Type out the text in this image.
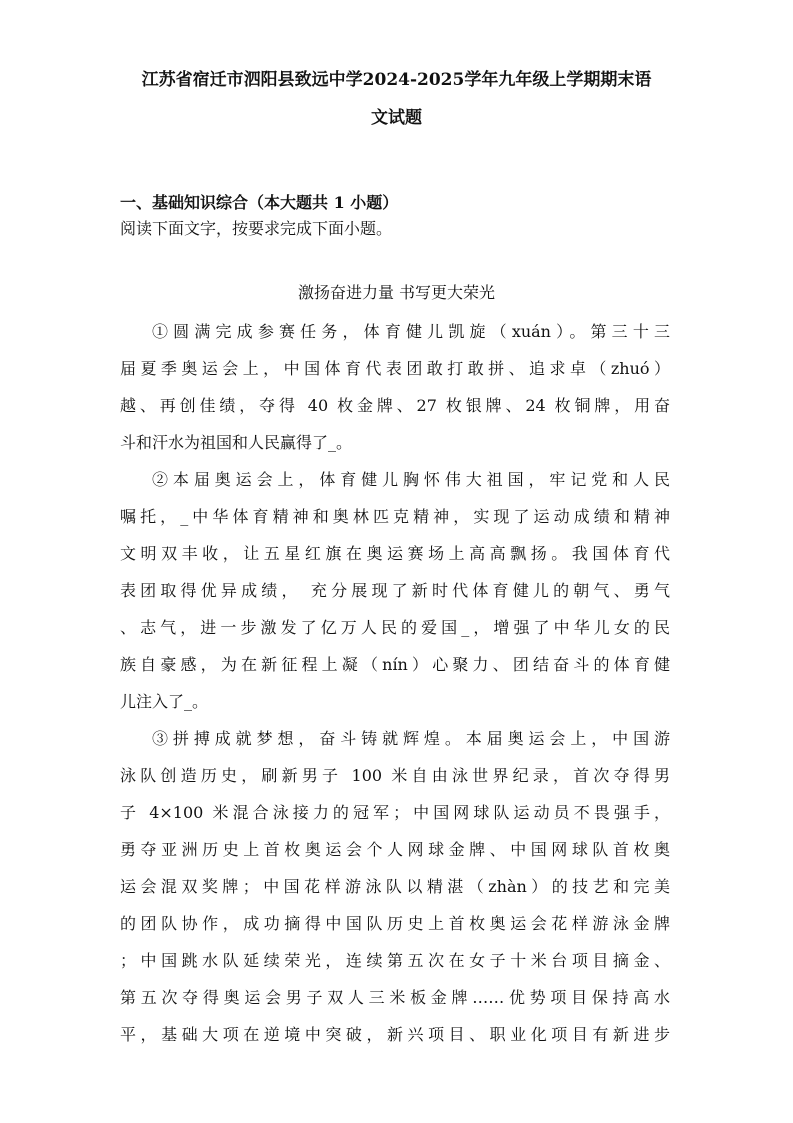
江苏省宿迁市泗阳县致远中学2024-2025学年九年级上学期期末语
文试题
一、基础知识综合（本大题共 1 小题）

阅读下面文字，按要求完成下面小题。

激扬奋进力量 书写更大荣光

①圆满完成参赛任务，体育健儿凯旋（xuán）。第三十三

届夏季奥运会上，中国体育代表团敢打敢拼、追求卓（zhuó）

越、再创佳绩，夺得 40 枚金牌、27 枚银牌、24 枚铜牌，用奋

斗和汗水为祖国和人民赢得了_。

②本届奥运会上，体育健儿胸怀伟大祖国，牢记党和人民

嘱托，_中华体育精神和奥林匹克精神，实现了运动成绩和精神

文明双丰收，让五星红旗在奥运赛场上高高飘扬。我国体育代

表团取得优异成绩， 充分展现了新时代体育健儿的朝气、勇气

、志气，进一步激发了亿万人民的爱国_，增强了中华儿女的民

族自豪感，为在新征程上凝（nín）心聚力、团结奋斗的体育健

儿注入了_。

③拼搏成就梦想，奋斗铸就辉煌。本届奥运会上，中国游

泳队创造历史，刷新男子 100 米自由泳世界纪录，首次夺得男

子 4×100 米混合泳接力的冠军；中国网球队运动员不畏强手，

勇夺亚洲历史上首枚奥运会个人网球金牌、中国网球队首枚奥

运会混双奖牌；中国花样游泳队以精湛（zhàn）的技艺和完美

的团队协作，成功摘得中国队历史上首枚奥运会花样游泳金牌

；中国跳水队延续荣光，连续第五次在女子十米台项目摘金、

第五次夺得奥运会男子双人三米板金牌……优势项目保持高水

平，基础大项在逆境中突破，新兴项目、职业化项目有新进步
